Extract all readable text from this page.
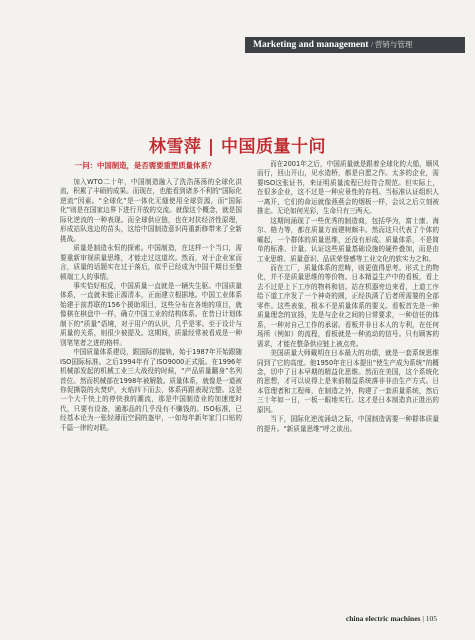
Marketing and management / 营销与管理
林雪萍 | 中国质量十问

一问：中国制造，是否需要重塑质量体系？

加入WTO二十年，中国制造融入了洗浩荡荡的全球化洪流，积累了丰硕的成果。而现在，也能看到诸多不利的“国际化逆流”因素。“全球化”是一体化无缝使用全球资源，而“国际化”则是在国家边界下进行开放的交流。就像这个概念，就是国际化逆流的一种表现。而全球供应链，也在对抗经济性原理，形成站队选边的苗头，这给中国制造意识再重新修带来了全新挑战。

质量是制造永恒的探索。中国制造，在这样一个当口，需要重新审视质量思维，才能走过这道坎。然而，对于企业家而言，质量的话题实在过于落后，似乎已经成为中国千期目至整顿端工人的事情。

事实恰好相反，中国质量一直就是一辆失生驱。中国质量体系，一直就未能正源清本，正面建立根据地。中国工业体系始建于前苏联的156个援助项目，这些分布在各地的项目，就像棋在棋盘中一样，确立中国工业的结构体系。在昔日计划体制下的“质量”语境，对于用户的认识，几乎是零。至于设计与质量的关系，则很少被提及。这期间，质量经常被看成是一种别笔笔者之进的格样。

中国质量体系建设，跟国际的接轨，始于1987年开始跟随ISO国际标准。之后1994年有了ISO9000正式版。在1996年机械部发起的机械工业三大战役的时候，“产品质量翻身”名列首位。然而机械部在1998年被解散。质量体系，就像是一道被你促撕裂的火焚炉，火焰四下而去，体系再跟表现完整。这是一个大千快上的停快我的潮流，那是中国制造业的加速度时代，只要有设备，通那品的几乎没有不赚钱的。ISO标准，已经基本论为一张轻薄而空洞的盔甲，一如每年新年家门口贴的千篇一律的对联。

而在2001年之后，中国质量就是跟着全球化的大船，顺风而行，回山开山，见水造桥，都是自愿之作。太多的企业，需要ISO这张证书，来证明质量流程已经符合规范。但实际上，在很多企业，这不过是一种应景性的存档。当标准认证组织人一离开，它们的命运就像燕燕会的烟板一样，会议之后立刻被推走。无论如何光彩，生命只有三两天。

这期间涌现了一些优秀的制造商，包括华为，富士康、海尔、格力等，都在质量方面建树颇丰。然而这只代表了个体的崛起，一个群体的质量思维，还没有形成。质量体系，不是简单的标准、计量、认证这些质量基础设施的硬件叠加，而是由工业思维、质量意识、品质荣誉感等工业文化的软实力之和。

而在工厂，质量体系的范畴，则更值得思考。形式上的物化，并不是质量思维的等价物。日本精益生产中的看板，看上去不过是上下工序的物料和信。站在机器旁边来看，上道工序给下道工序发了一个神奇的圆，正经执满了后者所需要的全部零件。这些表象，根本不是质量体系的要义。看板首先是一种质量理念的宣扬，先是与企业之间的日常要求，一种信任的体系，一种对自己工作的承诺。看板并非日本人的专利，在任何场所（例如）的流程，看板就是一种流动的信号。只有顾客的需求，才能在整条供应链上被点亮。

美国质量大师戴明在日本最大的功绩，就是一套系统思维同到了它的高度。他1950年在日本提出“使生产成为系统”的概念，切中了日本早期的精益化思维。然而在美国，这个系统化的思想，才可以说得上是来前精益系统落非非由生产方式。日本管理者和工程师，在制造之外，构建了一套质量系统，然后三十年如一日，一板一眼地实行。这才是日本制造真正胜出的原因。

当下，国际化逆流涌动之际，中国制造需要一种群体质量的提升。“新质量思维”呼之欲出。

china electric machines | 105
